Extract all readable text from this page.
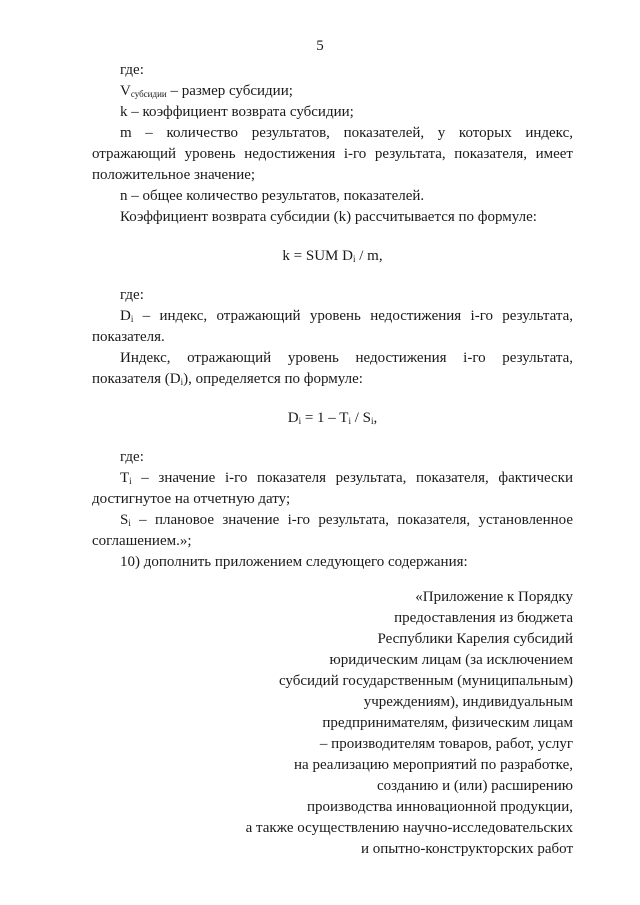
5

где:

$V_{субсидии}$ – размер субсидии;

k – коэффициент возврата субсидии;

m – количество результатов, показателей, у которых индекс, отражающий уровень недостижения i-го результата, показателя, имеет положительное значение;

n – общее количество результатов, показателей.

Коэффициент возврата субсидии (k) рассчитывается по формуле:

k = SUM $D_i$ / m,

где:

$D_i$ – индекс, отражающий уровень недостижения i-го результата, показателя.

Индекс, отражающий уровень недостижения i-го результата, показателя $(D_i)$, определяется по формуле:

$D_i = 1 - T_i / S_i$,

где:

$T_i$ – значение i-го показателя результата, показателя, фактически достигнутое на отчетную дату;

$S_i$ – плановое значение i-го результата, показателя, установленное соглашением.»;

10) дополнить приложением следующего содержания:

«Приложение к Порядку

предоставления из бюджета

Республики Карелия субсидий

юридическим лицам (за исключением

субсидий государственным (муниципальным)

учреждениям), индивидуальным

предпринимателям, физическим лицам

– производителям товаров, работ, услуг

на реализацию мероприятий по разработке,

созданию и (или) расширению

производства инновационной продукции,

а также осуществлению научно-исследовательских

и опытно-конструкторских работ
